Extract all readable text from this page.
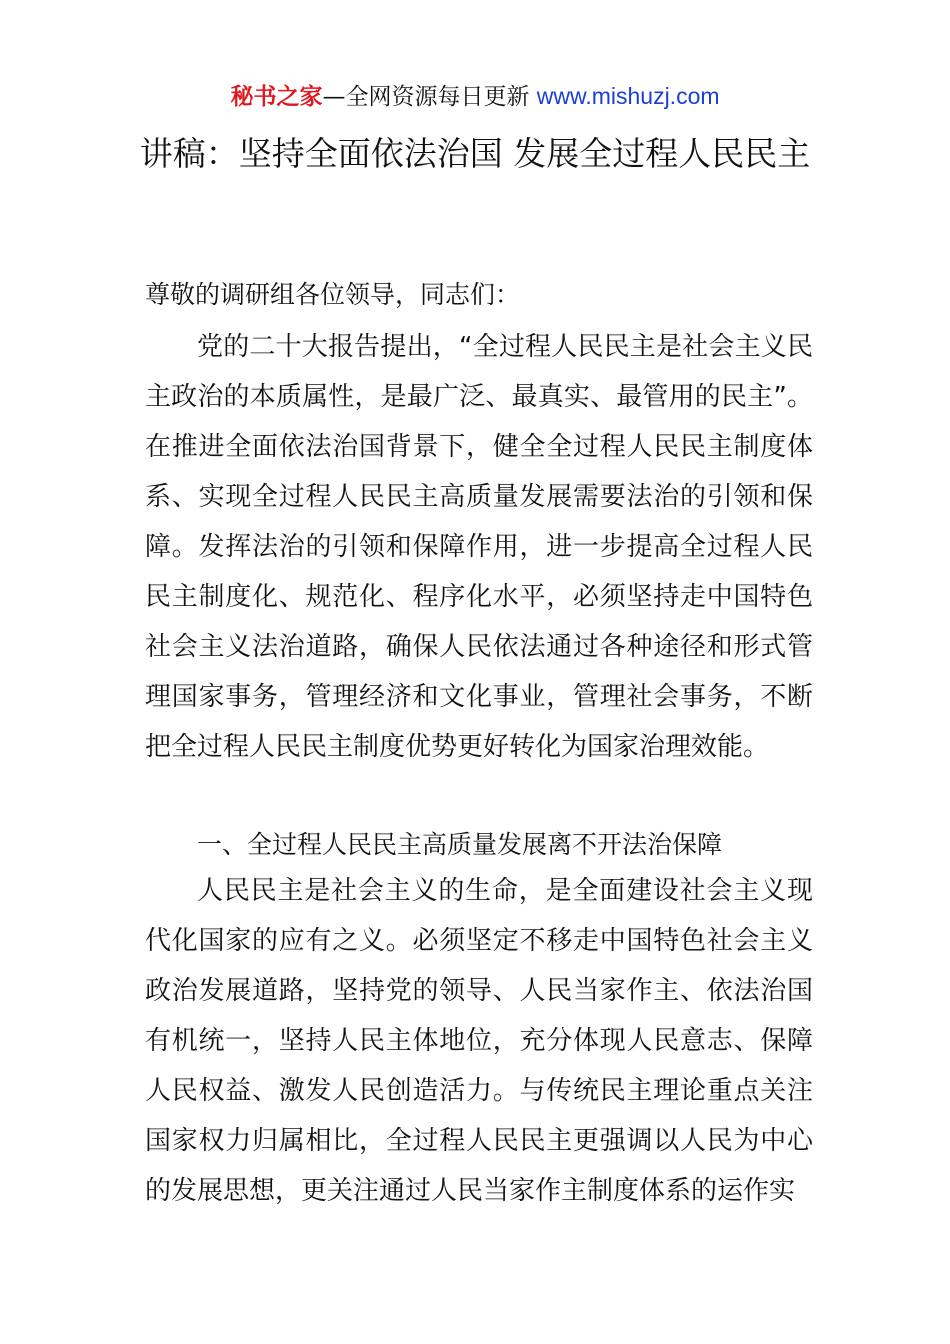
秘书之家—全网资源每日更新 www.mishuzj.com
讲稿：坚持全面依法治国 发展全过程人民民主
尊敬的调研组各位领导，同志们：

党的二十大报告提出，“全过程人民民主是社会主义民主政治的本质属性，是最广泛、最真实、最管用的民主”。在推进全面依法治国背景下，健全全过程人民民主制度体系、实现全过程人民民主高质量发展需要法治的引领和保障。发挥法治的引领和保障作用，进一步提高全过程人民民主制度化、规范化、程序化水平，必须坚持走中国特色社会主义法治道路，确保人民依法通过各种途径和形式管理国家事务，管理经济和文化事业，管理社会事务，不断把全过程人民民主制度优势更好转化为国家治理效能。

一、全过程人民民主高质量发展离不开法治保障

人民民主是社会主义的生命，是全面建设社会主义现代化国家的应有之义。必须坚定不移走中国特色社会主义政治发展道路，坚持党的领导、人民当家作主、依法治国有机统一，坚持人民主体地位，充分体现人民意志、保障人民权益、激发人民创造活力。与传统民主理论重点关注国家权力归属相比，全过程人民民主更强调以人民为中心的发展思想，更关注通过人民当家作主制度体系的运作实
